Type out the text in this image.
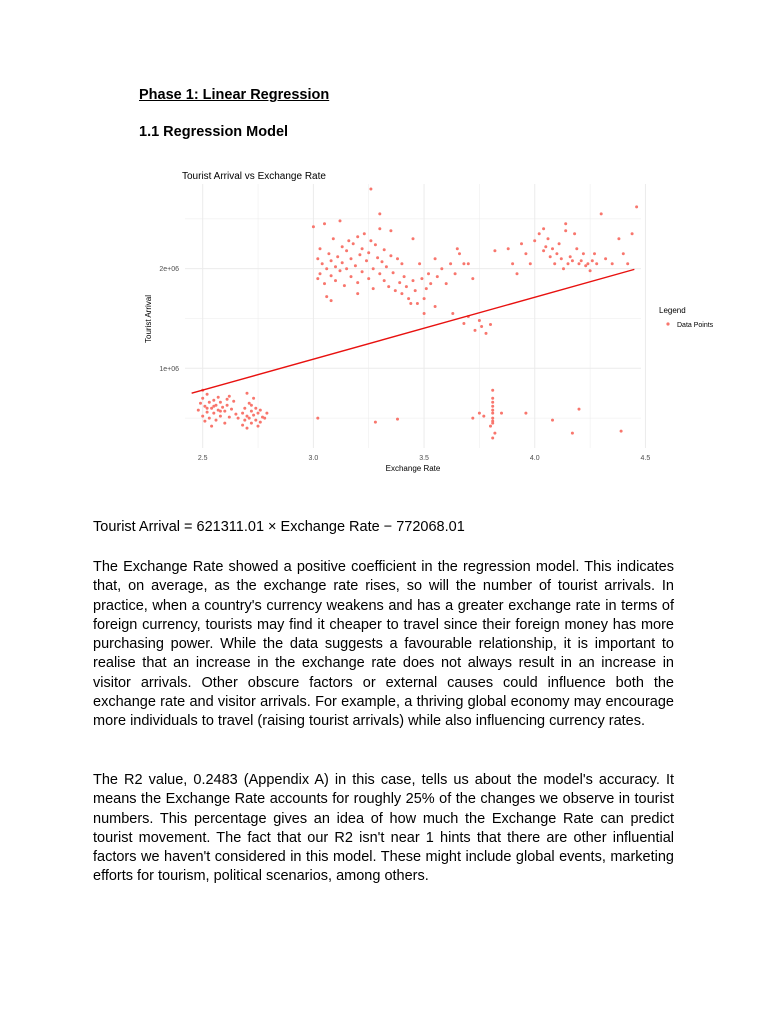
Phase 1: Linear Regression
1.1 Regression Model
2.5	3.0	3.5	4.0	4.5
1e+06
2e+06
Tourist Arrival vs Exchange Rate
Exchange Rate
Tourist Arrival	Legend
Data Points
Tourist Arrival = 621311.01 × Exchange Rate − 772068.01
The Exchange Rate showed a positive coefficient in the regression model. This indicates that, on average, as the exchange rate rises, so will the number of tourist arrivals. In practice, when a country's currency weakens and has a greater exchange rate in terms of foreign currency, tourists may find it cheaper to travel since their foreign money has more purchasing power. While the data suggests a favourable relationship, it is important to realise that an increase in the exchange rate does not always result in an increase in visitor arrivals. Other obscure factors or external causes could influence both the exchange rate and visitor arrivals. For example, a thriving global economy may encourage more individuals to travel (raising tourist arrivals) while also influencing currency rates.
The R2 value, 0.2483 (Appendix A) in this case, tells us about the model's accuracy. It means the Exchange Rate accounts for roughly 25% of the changes we observe in tourist numbers. This percentage gives an idea of how much the Exchange Rate can predict tourist movement. The fact that our R2 isn't near 1 hints that there are other influential factors we haven't considered in this model. These might include global events, marketing efforts for tourism, political scenarios, among others.
